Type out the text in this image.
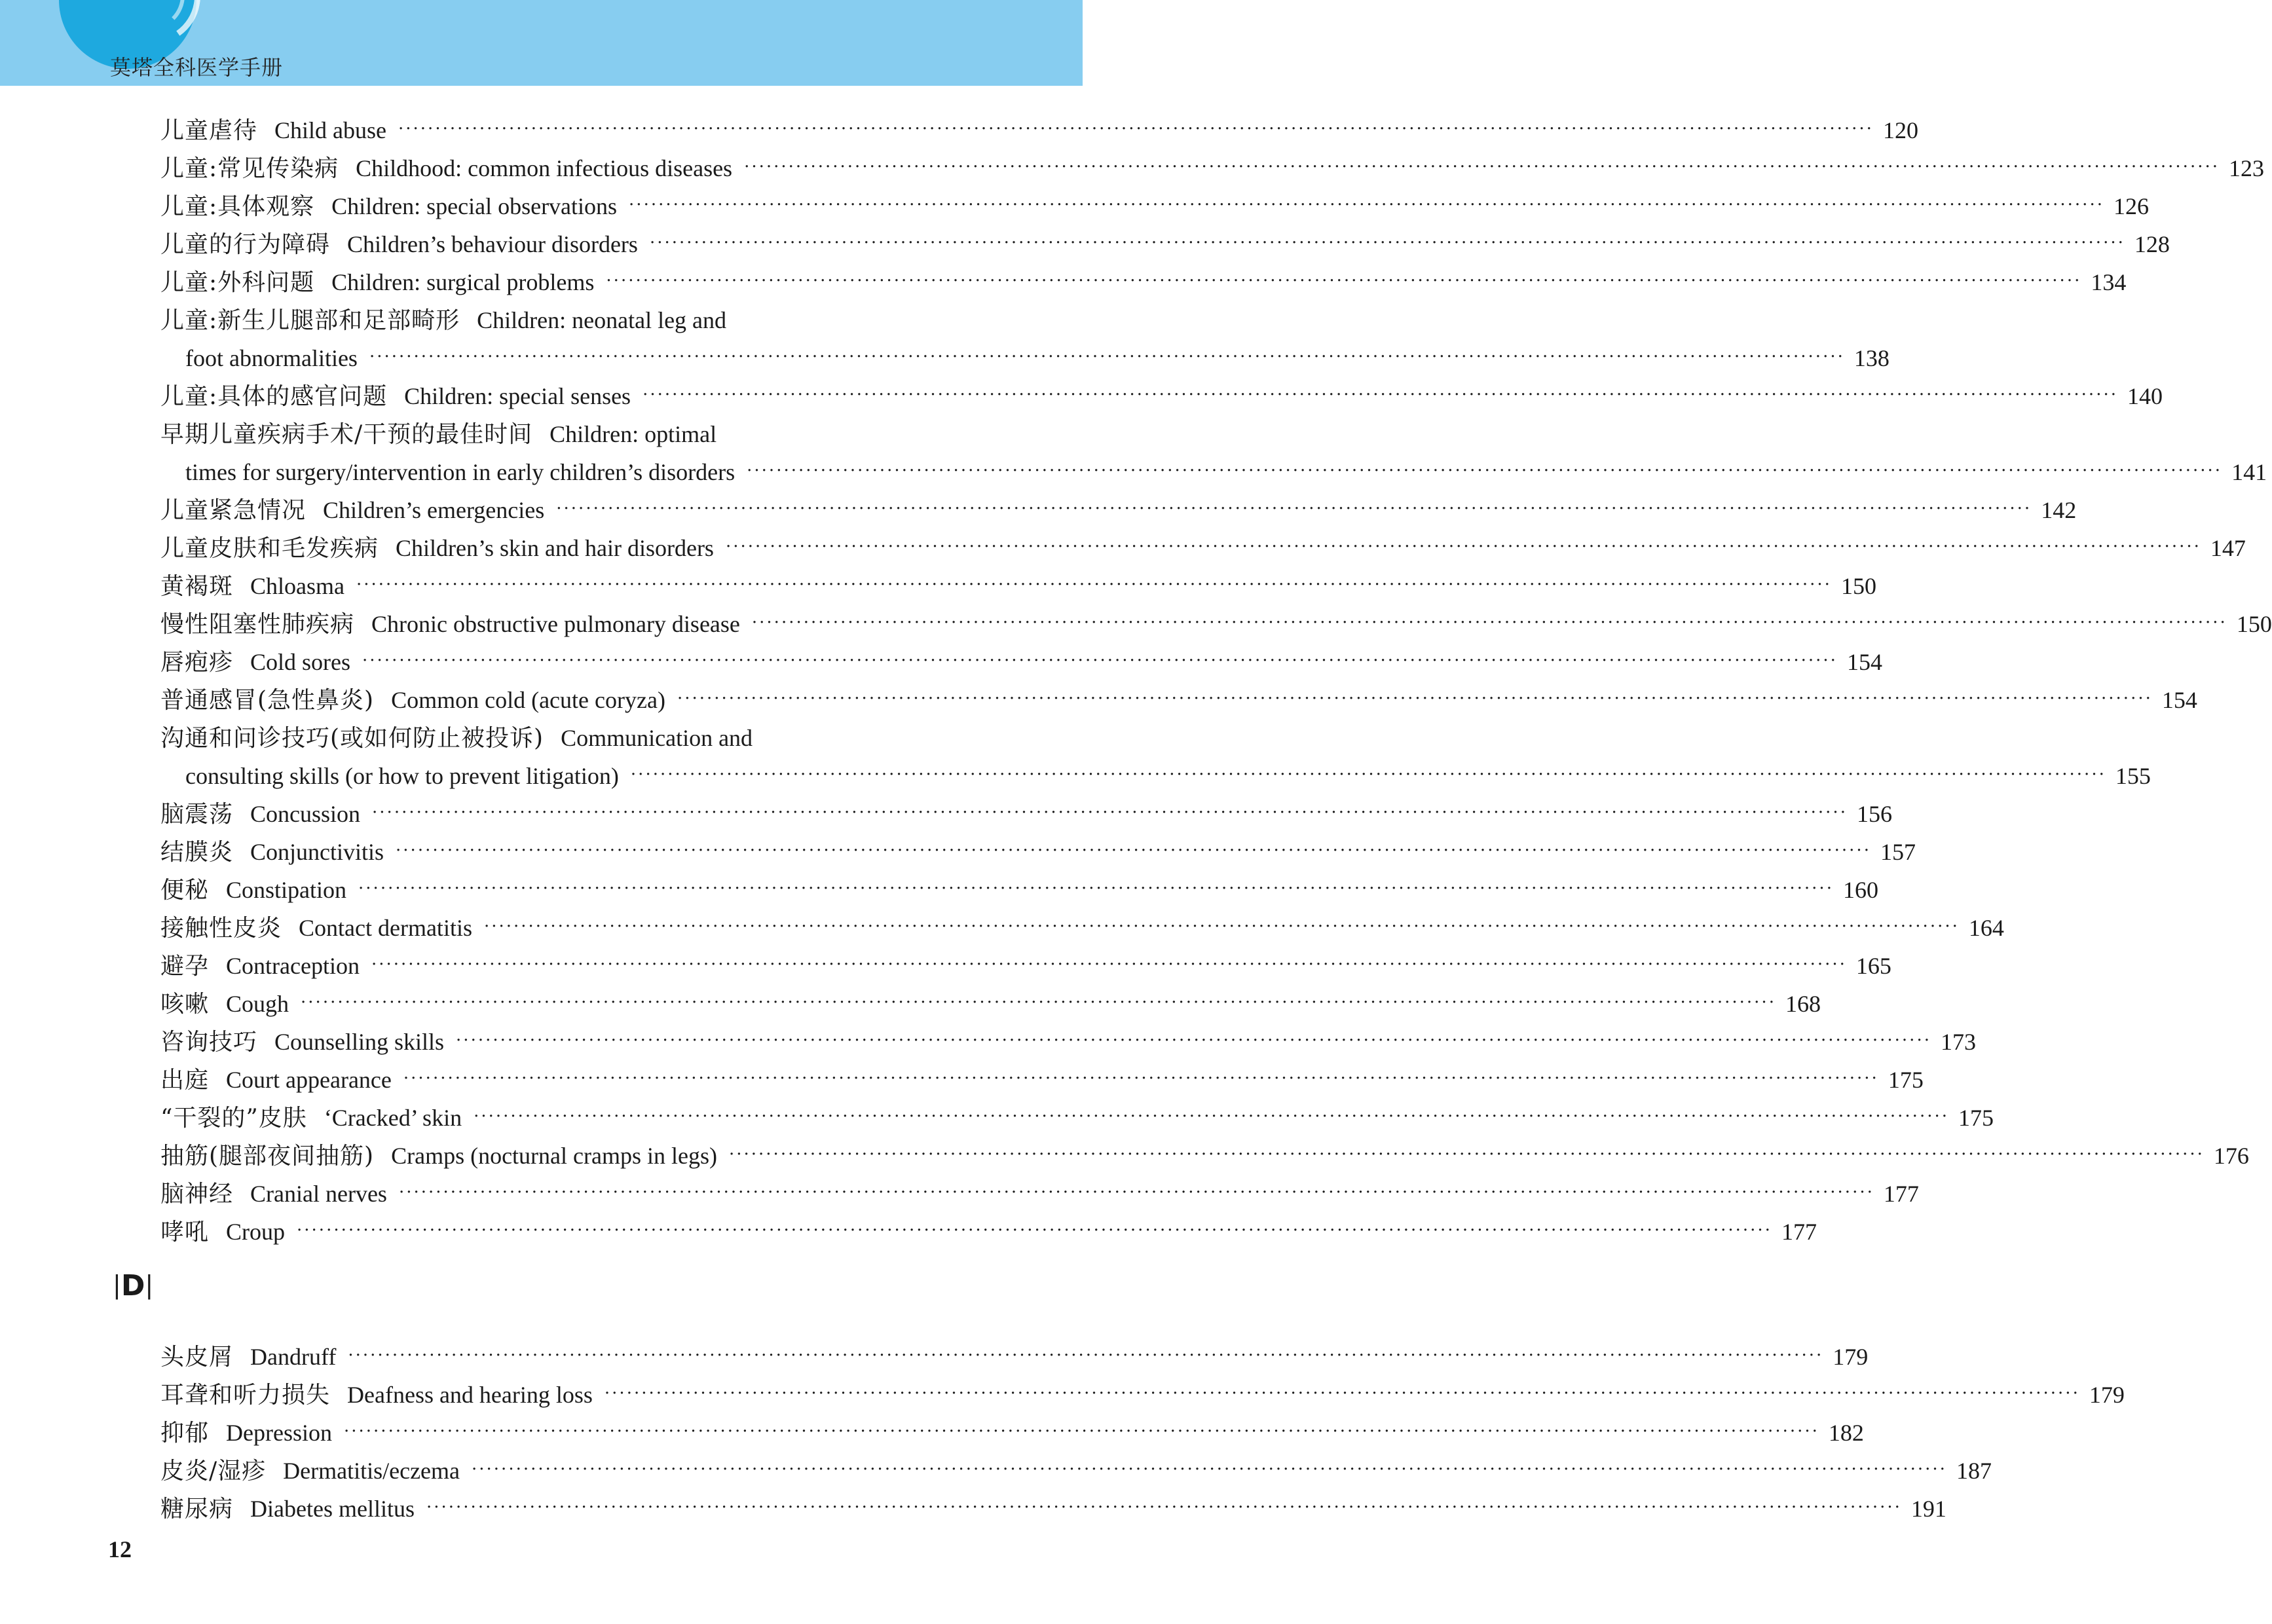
莫塔全科医学手册
儿童虐待 Child abuse ········································································································································································································ 120
儿童:常见传染病 Childhood: common infectious diseases ········································································································································································································ 123
儿童:具体观察 Children: special observations ········································································································································································································ 126
儿童的行为障碍 Children’s behaviour disorders ········································································································································································································ 128
儿童:外科问题 Children: surgical problems ········································································································································································································ 134
儿童:新生儿腿部和足部畸形 Children: neonatal leg and
foot abnormalities ········································································································································································································ 138
儿童:具体的感官问题 Children: special senses ········································································································································································································ 140
早期儿童疾病手术/干预的最佳时间 Children: optimal
times for surgery/intervention in early children’s disorders ········································································································································································································ 141
儿童紧急情况 Children’s emergencies ········································································································································································································ 142
儿童皮肤和毛发疾病 Children’s skin and hair disorders ········································································································································································································ 147
黄褐斑 Chloasma ········································································································································································································ 150
慢性阻塞性肺疾病 Chronic obstructive pulmonary disease ········································································································································································································ 150
唇疱疹 Cold sores ········································································································································································································ 154
普通感冒(急性鼻炎) Common cold (acute coryza) ········································································································································································································ 154
沟通和问诊技巧(或如何防止被投诉) Communication and
consulting skills (or how to prevent litigation) ········································································································································································································ 155
脑震荡 Concussion ········································································································································································································ 156
结膜炎 Conjunctivitis ········································································································································································································ 157
便秘 Constipation ········································································································································································································ 160
接触性皮炎 Contact dermatitis ········································································································································································································ 164
避孕 Contraception ········································································································································································································ 165
咳嗽 Cough ········································································································································································································ 168
咨询技巧 Counselling skills ········································································································································································································ 173
出庭 Court appearance ········································································································································································································ 175
“干裂的”皮肤 ‘Cracked’ skin ········································································································································································································ 175
抽筋(腿部夜间抽筋) Cramps (nocturnal cramps in legs) ········································································································································································································ 176
脑神经 Cranial nerves ········································································································································································································ 177
哮吼 Croup ········································································································································································································ 177
头皮屑 Dandruff ········································································································································································································ 179
耳聋和听力损失 Deafness and hearing loss ········································································································································································································ 179
抑郁 Depression ········································································································································································································ 182
皮炎/湿疹 Dermatitis/eczema ········································································································································································································ 187
糖尿病 Diabetes mellitus ········································································································································································································ 191
|D|
12
